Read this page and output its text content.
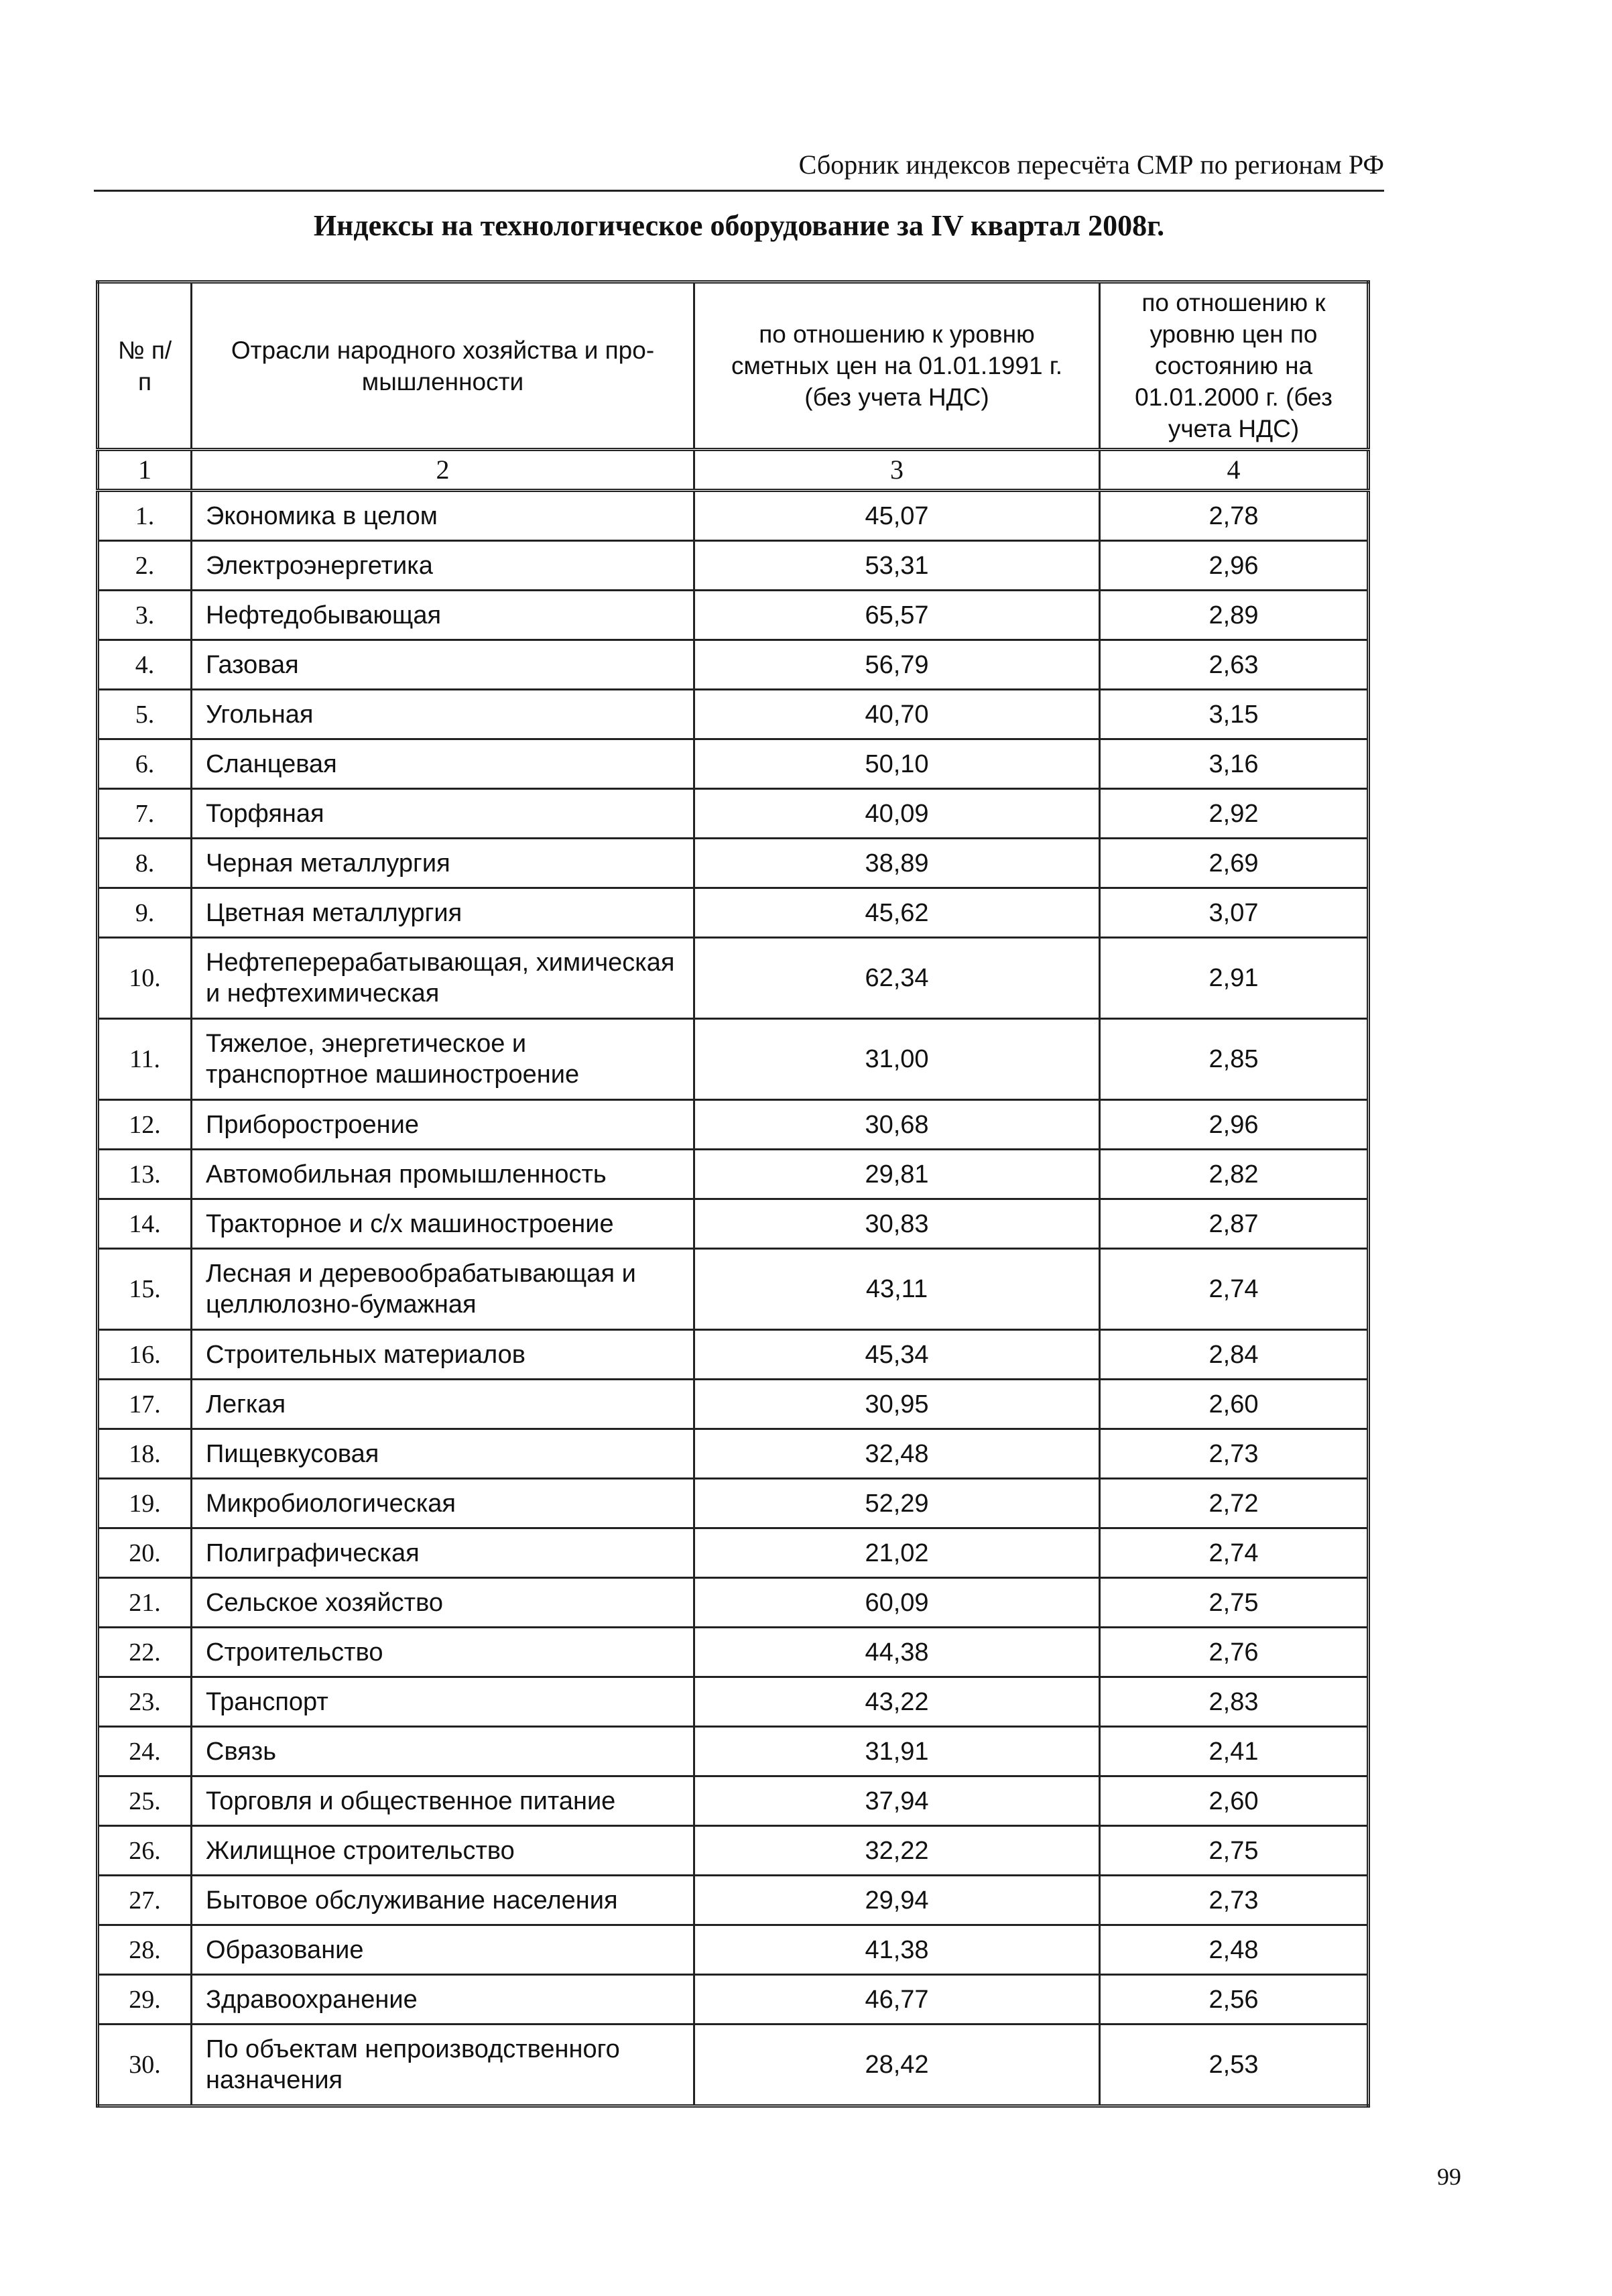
Сборник индексов пересчёта СМР по регионам РФ
Индексы на технологическое оборудование за IV квартал 2008г.
№ п/п	Отрасли народного хозяйства и про-мышленности	по отношению к уровню сметных цен на 01.01.1991 г. (без учета НДС)	по отношению к уровню цен по состоянию на 01.01.2000 г. (без учета НДС)
1	2	3	4
1.	Экономика в целом	45,07	2,78
2.	Электроэнергетика	53,31	2,96
3.	Нефтедобывающая	65,57	2,89
4.	Газовая	56,79	2,63
5.	Угольная	40,70	3,15
6.	Сланцевая	50,10	3,16
7.	Торфяная	40,09	2,92
8.	Черная металлургия	38,89	2,69
9.	Цветная металлургия	45,62	3,07
10.	Нефтеперерабатывающая, химическая и нефтехимическая	62,34	2,91
11.	Тяжелое, энергетическое и транспортное машиностроение	31,00	2,85
12.	Приборостроение	30,68	2,96
13.	Автомобильная промышленность	29,81	2,82
14.	Тракторное и с/х машиностроение	30,83	2,87
15.	Лесная и деревообрабатывающая и целлюлозно-бумажная	43,11	2,74
16.	Строительных материалов	45,34	2,84
17.	Легкая	30,95	2,60
18.	Пищевкусовая	32,48	2,73
19.	Микробиологическая	52,29	2,72
20.	Полиграфическая	21,02	2,74
21.	Сельское хозяйство	60,09	2,75
22.	Строительство	44,38	2,76
23.	Транспорт	43,22	2,83
24.	Связь	31,91	2,41
25.	Торговля и общественное питание	37,94	2,60
26.	Жилищное строительство	32,22	2,75
27.	Бытовое обслуживание населения	29,94	2,73
28.	Образование	41,38	2,48
29.	Здравоохранение	46,77	2,56
30.	По объектам непроизводственного назначения	28,42	2,53
99
